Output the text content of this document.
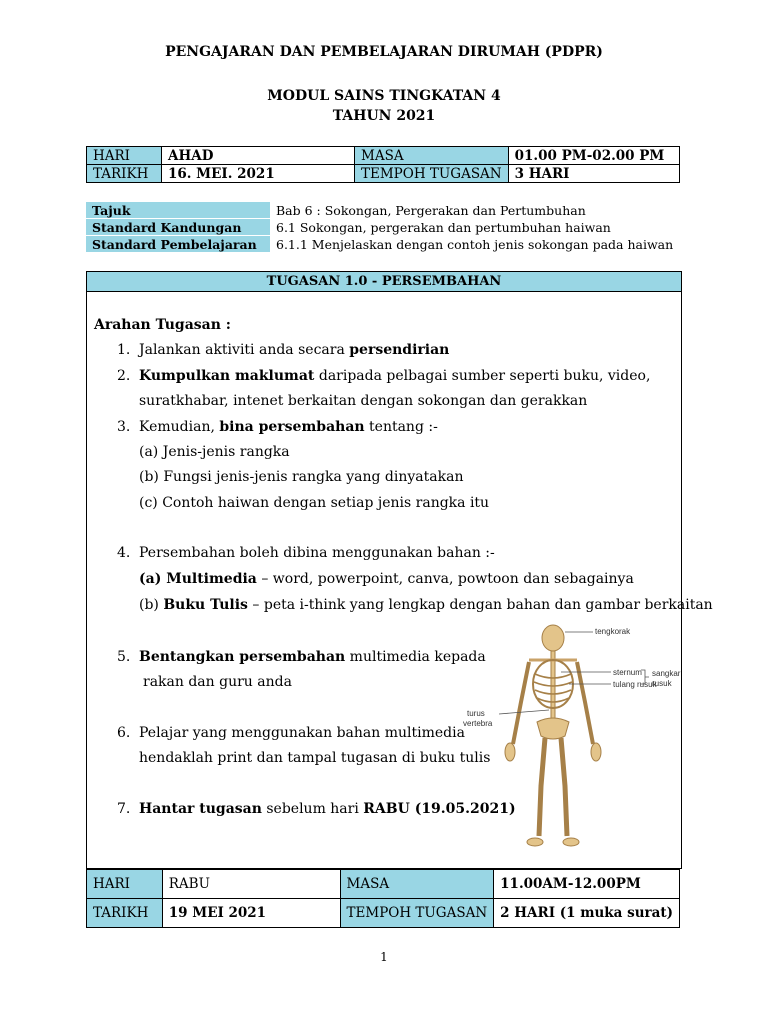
PENGAJARAN DAN PEMBELAJARAN DIRUMAH (PDPR)
MODUL SAINS TINGKATAN 4
TAHUN 2021
HARI	AHAD	MASA	01.00 PM-02.00 PM
TARIKH	16. MEI. 2021	TEMPOH TUGASAN	3 HARI
Tajuk	Bab 6 : Sokongan, Pergerakan dan Pertumbuhan
Standard Kandungan	6.1 Sokongan, pergerakan dan pertumbuhan haiwan
Standard Pembelajaran	6.1.1 Menjelaskan dengan contoh jenis sokongan pada haiwan
TUGASAN 1.0 - PERSEMBAHAN
Arahan Tugasan :
1. Jalankan aktiviti anda secara persendirian
2. Kumpulkan maklumat daripada pelbagai sumber seperti buku, video,
suratkhabar, intenet berkaitan dengan sokongan dan gerakkan
3. Kemudian, bina persembahan tentang :-
(a) Jenis-jenis rangka
(b) Fungsi jenis-jenis rangka yang dinyatakan
(c) Contoh haiwan dengan setiap jenis rangka itu
4. Persembahan boleh dibina menggunakan bahan :-
(a) Multimedia – word, powerpoint, canva, powtoon dan sebagainya
(b) Buku Tulis – peta i-think yang lengkap dengan bahan dan gambar berkaitan
5. Bentangkan persembahan multimedia kepada
rakan dan guru anda
6. Pelajar yang menggunakan bahan multimedia
hendaklah print dan tampal tugasan di buku tulis
7. Hantar tugasan sebelum hari RABU (19.05.2021)
tengkorak
sternum
tulang rusuk
sangkar
rusuk
turus
vertebra
HARI	RABU	MASA	11.00AM-12.00PM
TARIKH	19 MEI 2021	TEMPOH TUGASAN	2 HARI (1 muka surat)
1
